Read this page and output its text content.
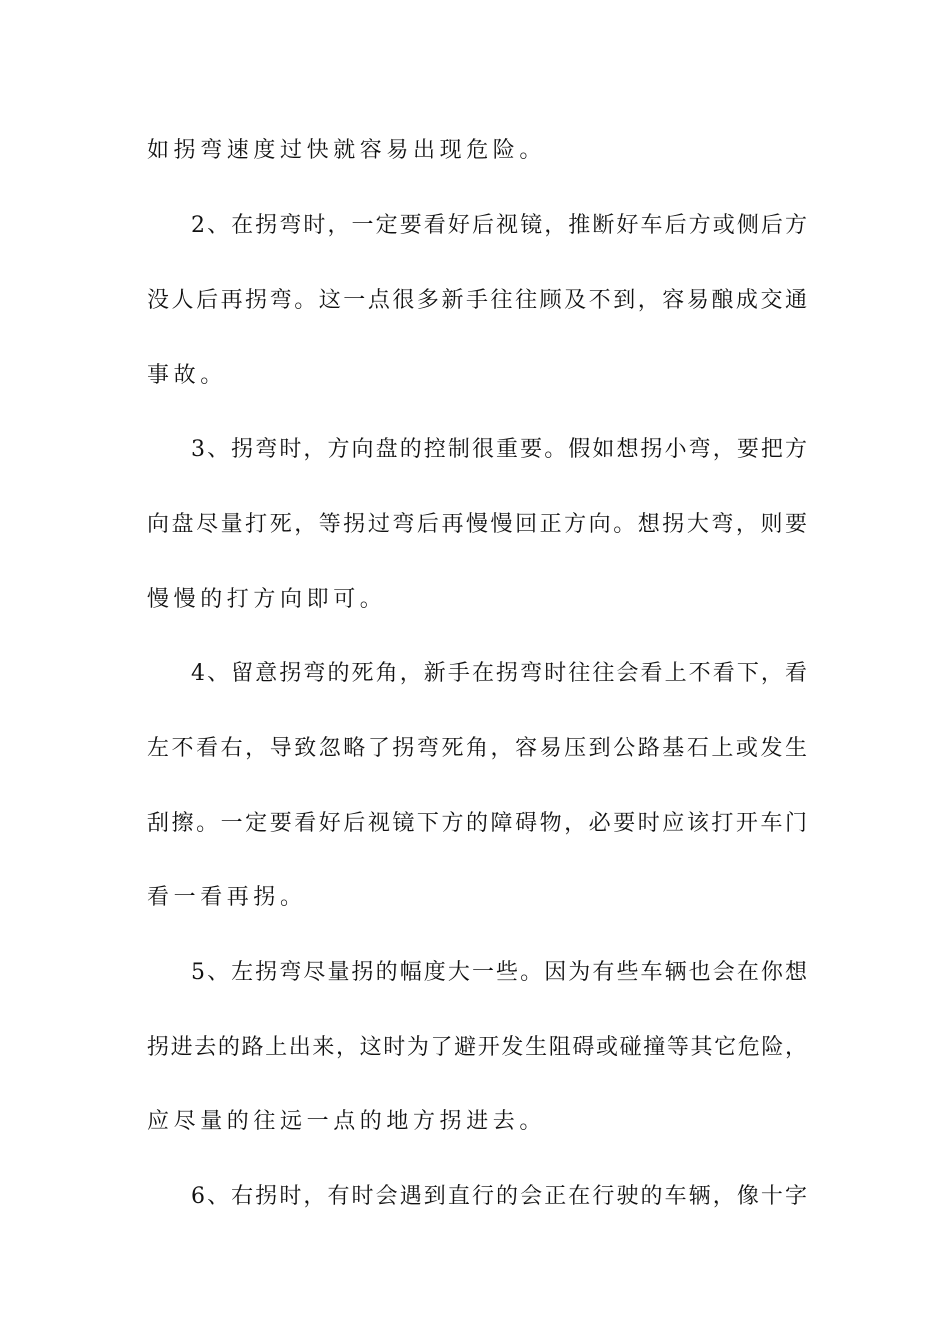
如拐弯速度过快就容易出现危险。
2、在拐弯时，一定要看好后视镜，推断好车后方或侧后方
没人后再拐弯。这一点很多新手往往顾及不到，容易酿成交通
事故。
3、拐弯时，方向盘的控制很重要。假如想拐小弯，要把方
向盘尽量打死，等拐过弯后再慢慢回正方向。想拐大弯，则要
慢慢的打方向即可。
4、留意拐弯的死角，新手在拐弯时往往会看上不看下，看
左不看右，导致忽略了拐弯死角，容易压到公路基石上或发生
刮擦。一定要看好后视镜下方的障碍物，必要时应该打开车门
看一看再拐。
5、左拐弯尽量拐的幅度大一些。因为有些车辆也会在你想
拐进去的路上出来，这时为了避开发生阻碍或碰撞等其它危险，
应尽量的往远一点的地方拐进去。
6、右拐时，有时会遇到直行的会正在行驶的车辆，像十字
